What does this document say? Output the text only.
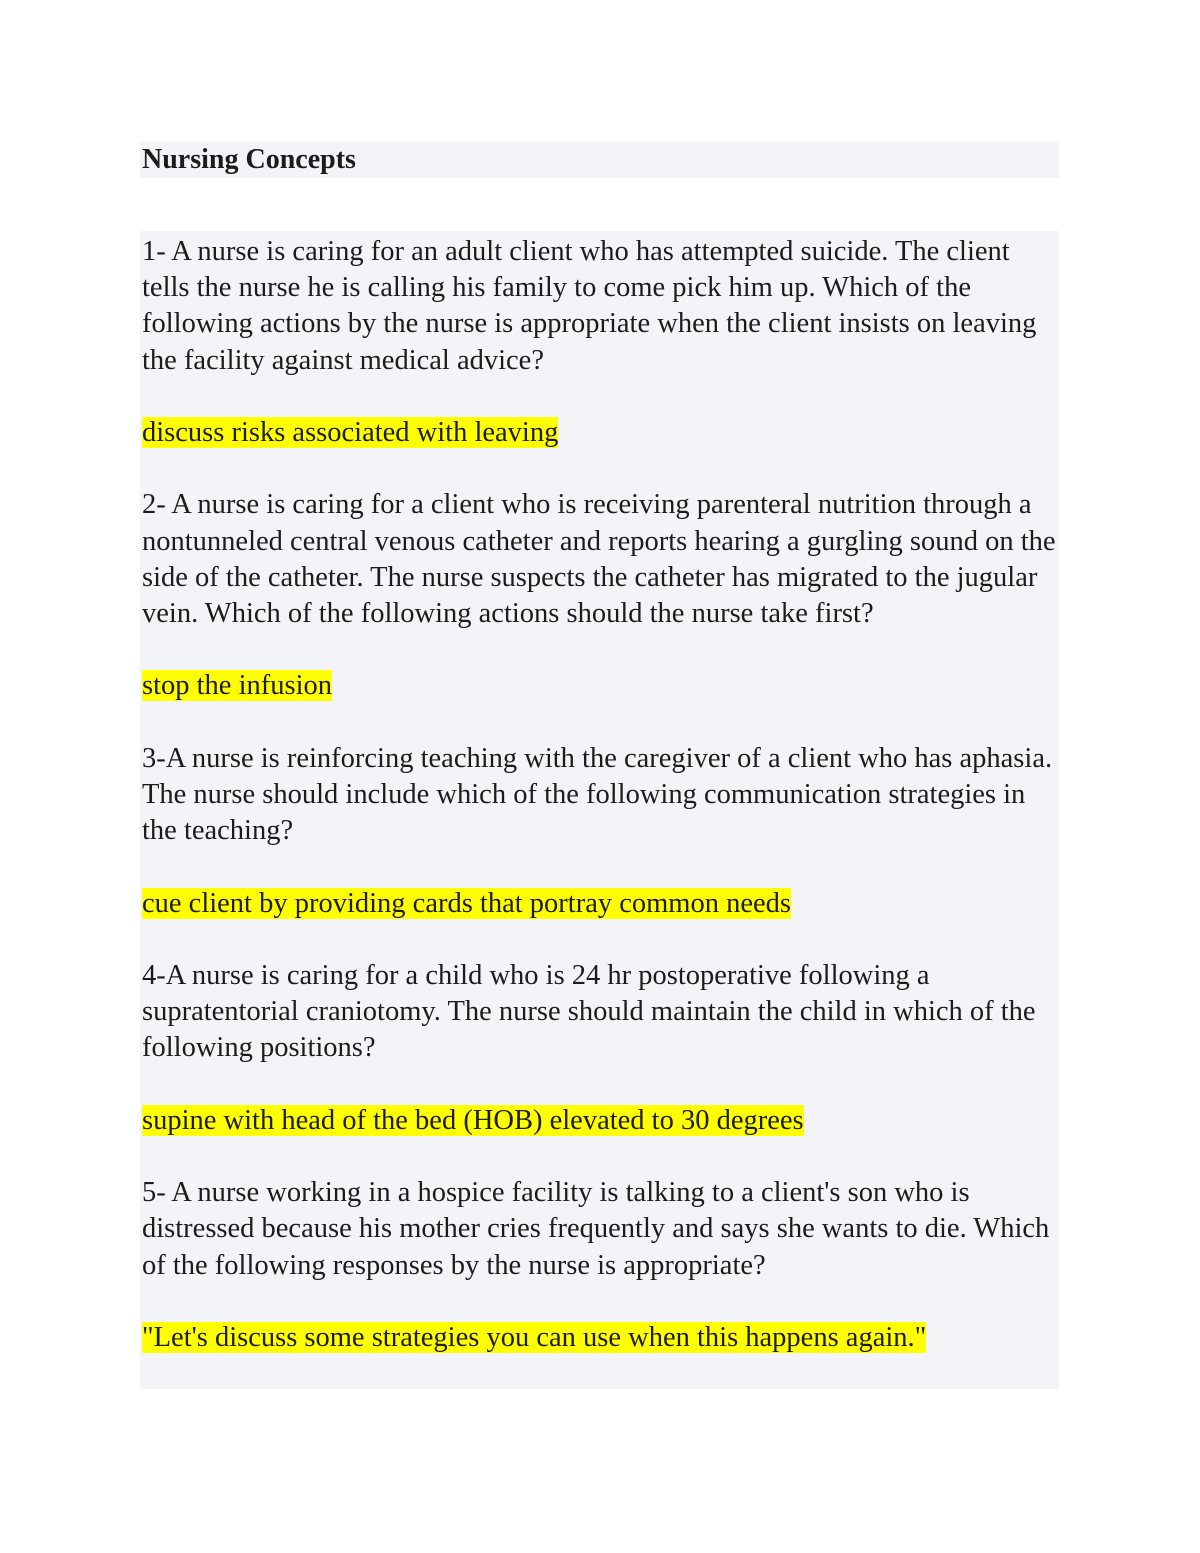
Nursing Concepts

1- A nurse is caring for an adult client who has attempted suicide. The client tells the nurse he is calling his family to come pick him up. Which of the following actions by the nurse is appropriate when the client insists on leaving the facility against medical advice?

discuss risks associated with leaving

2- A nurse is caring for a client who is receiving parenteral nutrition through a nontunneled central venous catheter and reports hearing a gurgling sound on the side of the catheter. The nurse suspects the catheter has migrated to the jugular vein. Which of the following actions should the nurse take first?

stop the infusion

3-A nurse is reinforcing teaching with the caregiver of a client who has aphasia. The nurse should include which of the following communication strategies in the teaching?

cue client by providing cards that portray common needs

4-A nurse is caring for a child who is 24 hr postoperative following a supratentorial craniotomy. The nurse should maintain the child in which of the following positions?

supine with head of the bed (HOB) elevated to 30 degrees

5- A nurse working in a hospice facility is talking to a client's son who is distressed because his mother cries frequently and says she wants to die. Which of the following responses by the nurse is appropriate?

"Let's discuss some strategies you can use when this happens again."
